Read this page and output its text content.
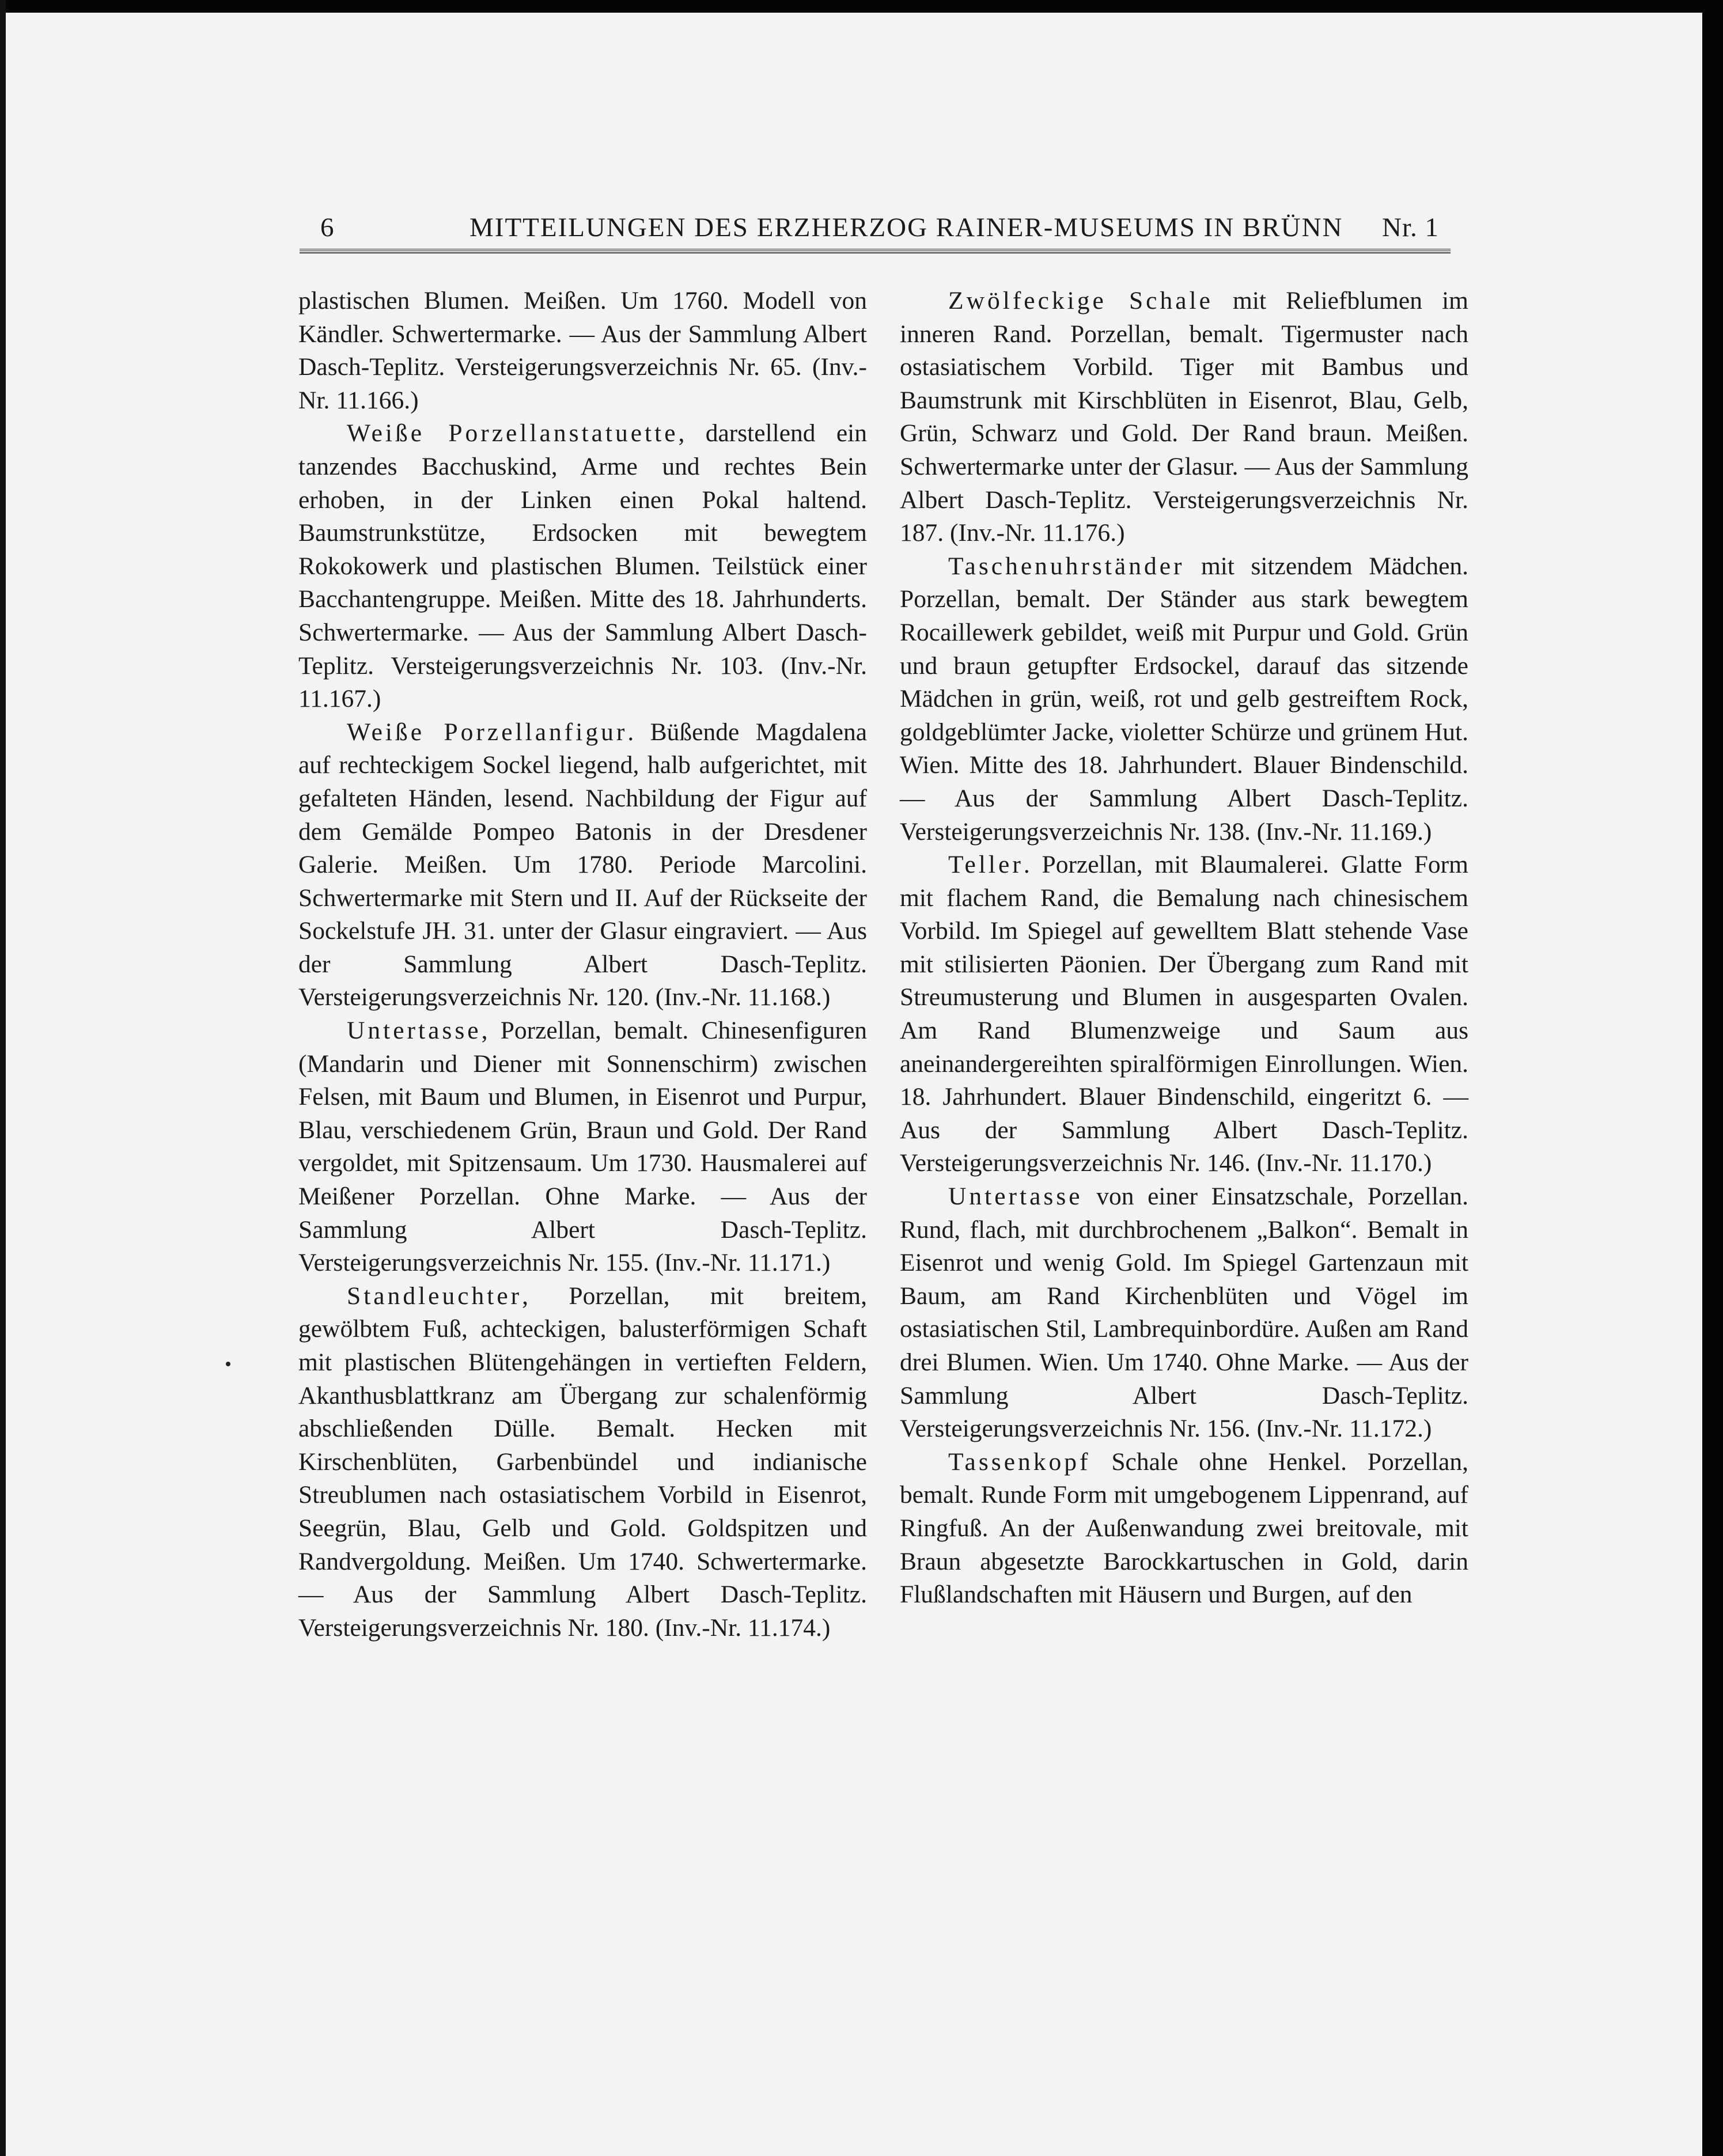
6	MITTEILUNGEN DES ERZHERZOG RAINER-MUSEUMS IN BRÜNN Nr. 1

plastischen Blumen. Meißen. Um 1760. Modell von Kändler. Schwertermarke. — Aus der Sammlung Albert Dasch-Teplitz. Versteigerungsverzeichnis Nr. 65. (Inv.-Nr. 11.166.)

Weiße Porzellanstatuette, darstellend ein tanzendes Bacchuskind, Arme und rechtes Bein erhoben, in der Linken einen Pokal haltend. Baumstrunkstütze, Erdsocken mit bewegtem Rokokowerk und plastischen Blumen. Teilstück einer Bacchantengruppe. Meißen. Mitte des 18. Jahrhunderts. Schwertermarke. — Aus der Sammlung Albert Dasch-Teplitz. Versteigerungsverzeichnis Nr. 103. (Inv.-Nr. 11.167.)

Weiße Porzellanfigur. Büßende Magdalena auf rechteckigem Sockel liegend, halb aufgerichtet, mit gefalteten Händen, lesend. Nachbildung der Figur auf dem Gemälde Pompeo Batonis in der Dresdener Galerie. Meißen. Um 1780. Periode Marcolini. Schwertermarke mit Stern und II. Auf der Rückseite der Sockelstufe JH. 31. unter der Glasur eingraviert. — Aus der Sammlung Albert Dasch-Teplitz. Versteigerungsverzeichnis Nr. 120. (Inv.-Nr. 11.168.)

Untertasse, Porzellan, bemalt. Chinesenfiguren (Mandarin und Diener mit Sonnenschirm) zwischen Felsen, mit Baum und Blumen, in Eisenrot und Purpur, Blau, verschiedenem Grün, Braun und Gold. Der Rand vergoldet, mit Spitzensaum. Um 1730. Hausmalerei auf Meißener Porzellan. Ohne Marke. — Aus der Sammlung Albert Dasch-Teplitz. Versteigerungsverzeichnis Nr. 155. (Inv.-Nr. 11.171.)

Standleuchter, Porzellan, mit breitem, gewölbtem Fuß, achteckigen, balusterförmigen Schaft mit plastischen Blütengehängen in vertieften Feldern, Akanthusblattkranz am Übergang zur schalenförmig abschließenden Dülle. Bemalt. Hecken mit Kirschenblüten, Garbenbündel und indianische Streublumen nach ostasiatischem Vorbild in Eisenrot, Seegrün, Blau, Gelb und Gold. Goldspitzen und Randvergoldung. Meißen. Um 1740. Schwertermarke. — Aus der Sammlung Albert Dasch-Teplitz. Versteigerungsverzeichnis Nr. 180. (Inv.-Nr. 11.174.)

Zwölfeckige Schale mit Reliefblumen im inneren Rand. Porzellan, bemalt. Tigermuster nach ostasiatischem Vorbild. Tiger mit Bambus und Baumstrunk mit Kirschblüten in Eisenrot, Blau, Gelb, Grün, Schwarz und Gold. Der Rand braun. Meißen. Schwertermarke unter der Glasur. — Aus der Sammlung Albert Dasch-Teplitz. Versteigerungsverzeichnis Nr. 187. (Inv.-Nr. 11.176.)

Taschenuhrständer mit sitzendem Mädchen. Porzellan, bemalt. Der Ständer aus stark bewegtem Rocaillewerk gebildet, weiß mit Purpur und Gold. Grün und braun getupfter Erdsockel, darauf das sitzende Mädchen in grün, weiß, rot und gelb gestreiftem Rock, goldgeblümter Jacke, violetter Schürze und grünem Hut. Wien. Mitte des 18. Jahrhundert. Blauer Bindenschild. — Aus der Sammlung Albert Dasch-Teplitz. Versteigerungsverzeichnis Nr. 138. (Inv.-Nr. 11.169.)

Teller. Porzellan, mit Blaumalerei. Glatte Form mit flachem Rand, die Bemalung nach chinesischem Vorbild. Im Spiegel auf gewelltem Blatt stehende Vase mit stilisierten Päonien. Der Übergang zum Rand mit Streumusterung und Blumen in ausgesparten Ovalen. Am Rand Blumenzweige und Saum aus aneinandergereihten spiralförmigen Einrollungen. Wien. 18. Jahrhundert. Blauer Bindenschild, eingeritzt 6. — Aus der Sammlung Albert Dasch-Teplitz. Versteigerungsverzeichnis Nr. 146. (Inv.-Nr. 11.170.)

Untertasse von einer Einsatzschale, Porzellan. Rund, flach, mit durchbrochenem „Balkon“. Bemalt in Eisenrot und wenig Gold. Im Spiegel Gartenzaun mit Baum, am Rand Kirchenblüten und Vögel im ostasiatischen Stil, Lambrequinbordüre. Außen am Rand drei Blumen. Wien. Um 1740. Ohne Marke. — Aus der Sammlung Albert Dasch-Teplitz. Versteigerungsverzeichnis Nr. 156. (Inv.-Nr. 11.172.)

Tassenkopf Schale ohne Henkel. Porzellan, bemalt. Runde Form mit umgebogenem Lippenrand, auf Ringfuß. An der Außenwandung zwei breitovale, mit Braun abgesetzte Barockkartuschen in Gold, darin Flußlandschaften mit Häusern und Burgen, auf den
